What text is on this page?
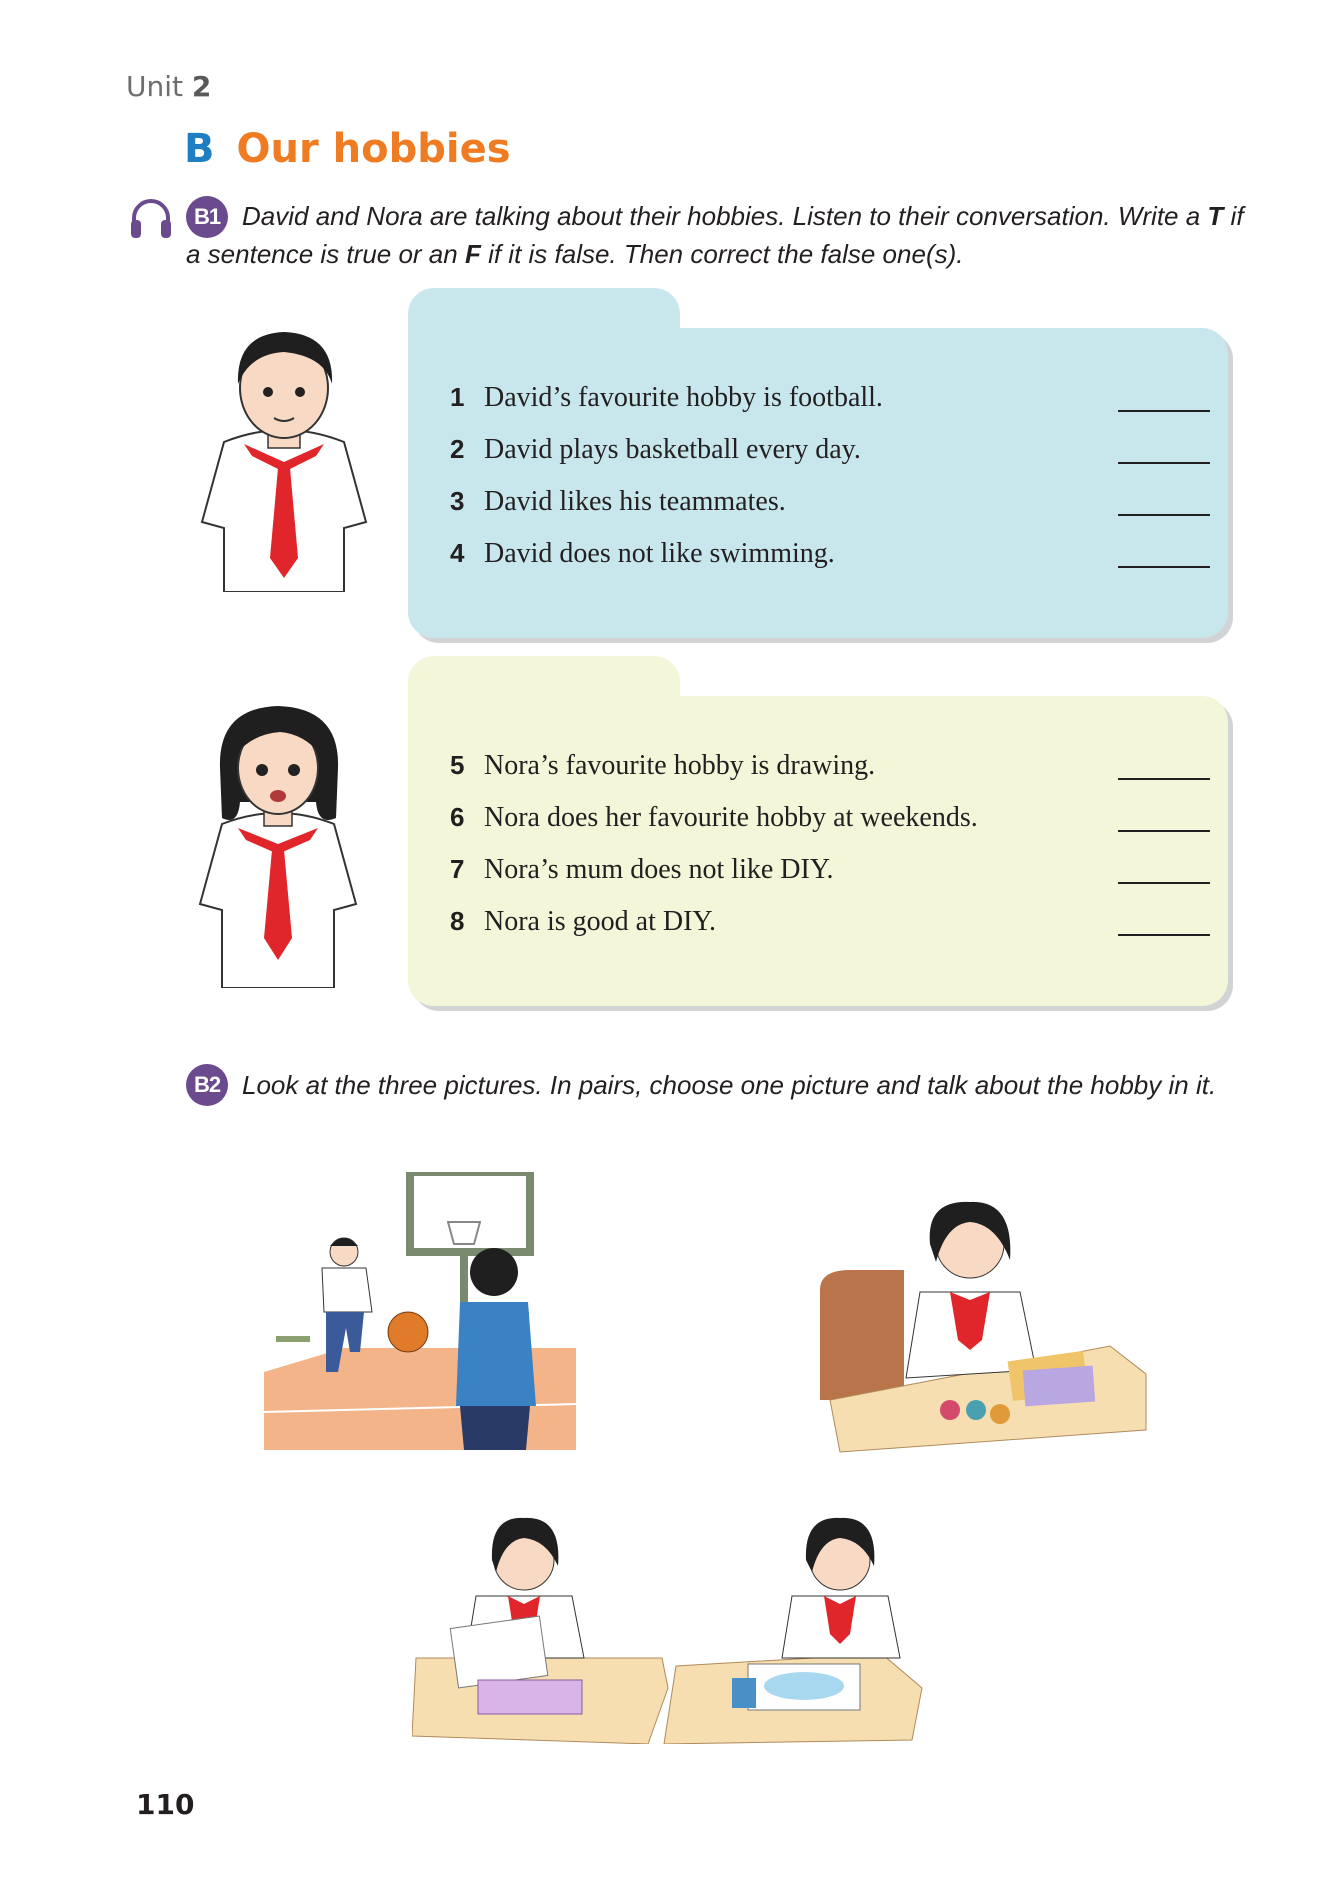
Unit 2
B Our hobbies
B1 David and Nora are talking about their hobbies. Listen to their conversation. Write a T if a sentence is true or an F if it is false. Then correct the false one(s).

1 David’s favourite hobby is football.
2 David plays basketball every day.
3 David likes his teammates.
4 David does not like swimming.
5 Nora’s favourite hobby is drawing.
6 Nora does her favourite hobby at weekends.
7 Nora’s mum does not like DIY.
8 Nora is good at DIY.
B2 Look at the three pictures. In pairs, choose one picture and talk about the hobby in it.

110
